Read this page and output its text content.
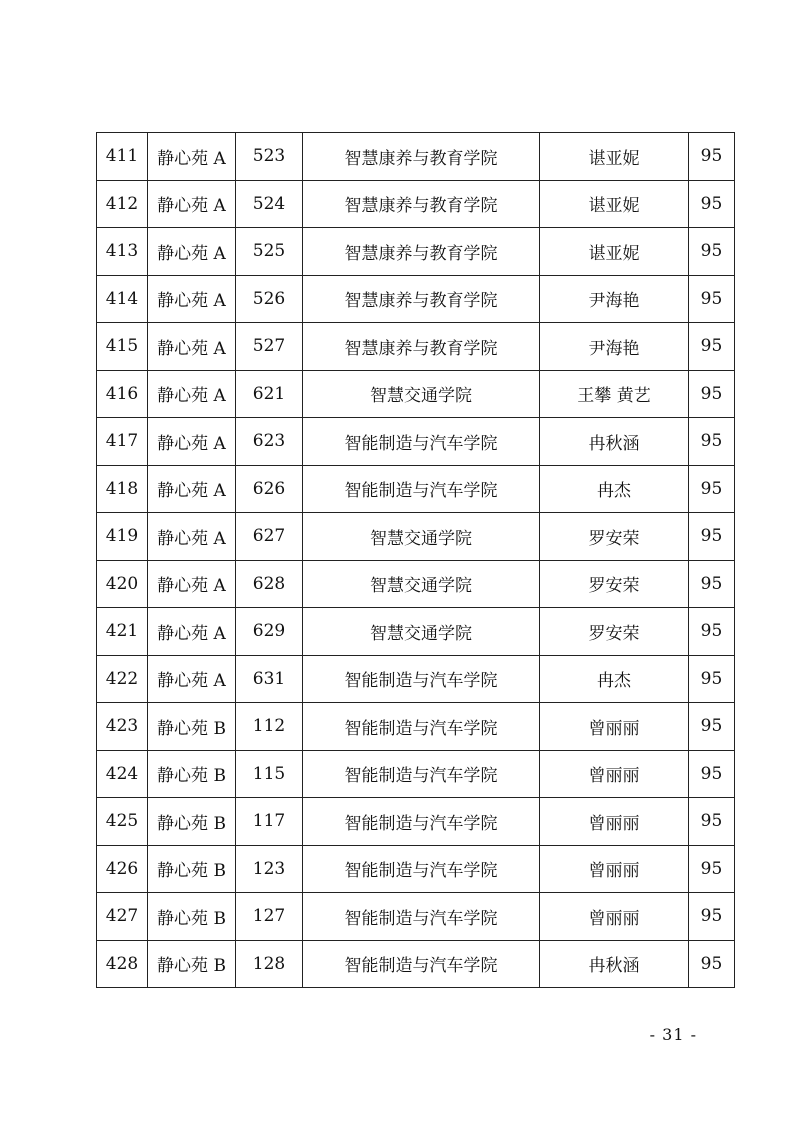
411	静心苑 A	523	智慧康养与教育学院	谌亚妮	95
412	静心苑 A	524	智慧康养与教育学院	谌亚妮	95
413	静心苑 A	525	智慧康养与教育学院	谌亚妮	95
414	静心苑 A	526	智慧康养与教育学院	尹海艳	95
415	静心苑 A	527	智慧康养与教育学院	尹海艳	95
416	静心苑 A	621	智慧交通学院	王攀 黄艺	95
417	静心苑 A	623	智能制造与汽车学院	冉秋涵	95
418	静心苑 A	626	智能制造与汽车学院	冉杰	95
419	静心苑 A	627	智慧交通学院	罗安荣	95
420	静心苑 A	628	智慧交通学院	罗安荣	95
421	静心苑 A	629	智慧交通学院	罗安荣	95
422	静心苑 A	631	智能制造与汽车学院	冉杰	95
423	静心苑 B	112	智能制造与汽车学院	曾丽丽	95
424	静心苑 B	115	智能制造与汽车学院	曾丽丽	95
425	静心苑 B	117	智能制造与汽车学院	曾丽丽	95
426	静心苑 B	123	智能制造与汽车学院	曾丽丽	95
427	静心苑 B	127	智能制造与汽车学院	曾丽丽	95
428	静心苑 B	128	智能制造与汽车学院	冉秋涵	95
- 31 -
